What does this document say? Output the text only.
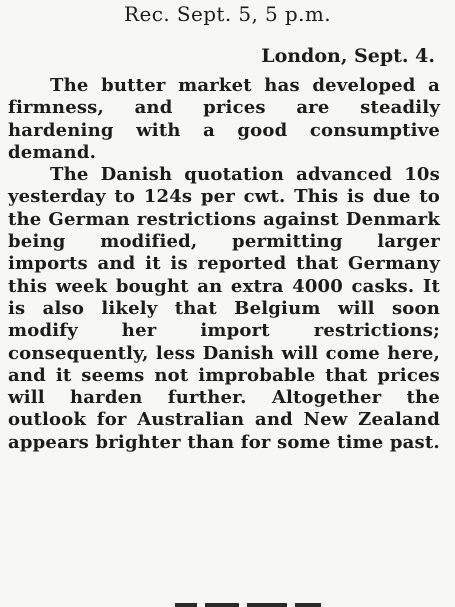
Rec. Sept. 5, 5 p.m.
London, Sept. 4.

The butter market has developed a firmness, and prices are steadily hardening with a good consumptive demand.

The Danish quotation advanced 10s yesterday to 124s per cwt. This is due to the German restrictions against Denmark being modified, permitting larger imports and it is reported that Germany this week bought an extra 4000 casks. It is also likely that Belgium will soon modify her import restrictions; consequently, less Danish will come here, and it seems not improbable that prices will harden further. Altogether the outlook for Australian and New Zealand appears brighter than for some time past.
